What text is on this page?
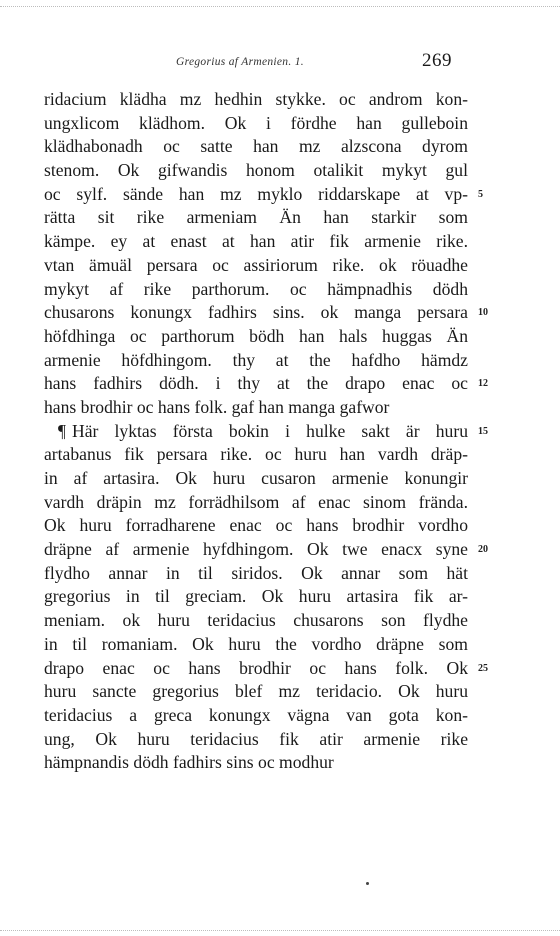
Gregorius af Armenien. 1.	269
ridacium klädha mz hedhin stykke. oc androm kon-
ungxlicom klädhom. Ok i fördhe han gulleboin
klädhabonadh oc satte han mz alzscona dyrom
stenom. Ok gifwandis honom otalikit mykyt gul
oc sylf. sände han mz myklo riddarskape at vp-
rätta sit rike armeniam Än han starkir som
kämpe. ey at enast at han atir fik armenie rike.
vtan ämuäl persara oc assiriorum rike. ok röuadhe
mykyt af rike parthorum. oc hämpnadhis dödh
chusarons konungx fadhirs sins. ok manga persara
höfdhinga oc parthorum bödh han hals huggas Än
armenie höfdhingom. thy at the hafdho hämdz
hans fadhirs dödh. i thy at the drapo enac oc
hans brodhir oc hans folk. gaf han manga gafwor
¶ Här lyktas första bokin i hulke sakt är huru
artabanus fik persara rike. oc huru han vardh dräp-
in af artasira. Ok huru cusaron armenie konungir
vardh dräpin mz forrädhilsom af enac sinom frända.
Ok huru forradharene enac oc hans brodhir vordho
dräpne af armenie hyfdhingom. Ok twe enacx syne
flydho annar in til siridos. Ok annar som hät
gregorius in til greciam. Ok huru artasira fik ar-
meniam. ok huru teridacius chusarons son flydhe
in til romaniam. Ok huru the vordho dräpne som
drapo enac oc hans brodhir oc hans folk. Ok
huru sancte gregorius blef mz teridacio. Ok huru
teridacius a greca konungx vägna van gota kon-
ung, Ok huru teridacius fik atir armenie rike
hämpnandis dödh fadhirs sins oc modhur
5
10
12
15
20
25
